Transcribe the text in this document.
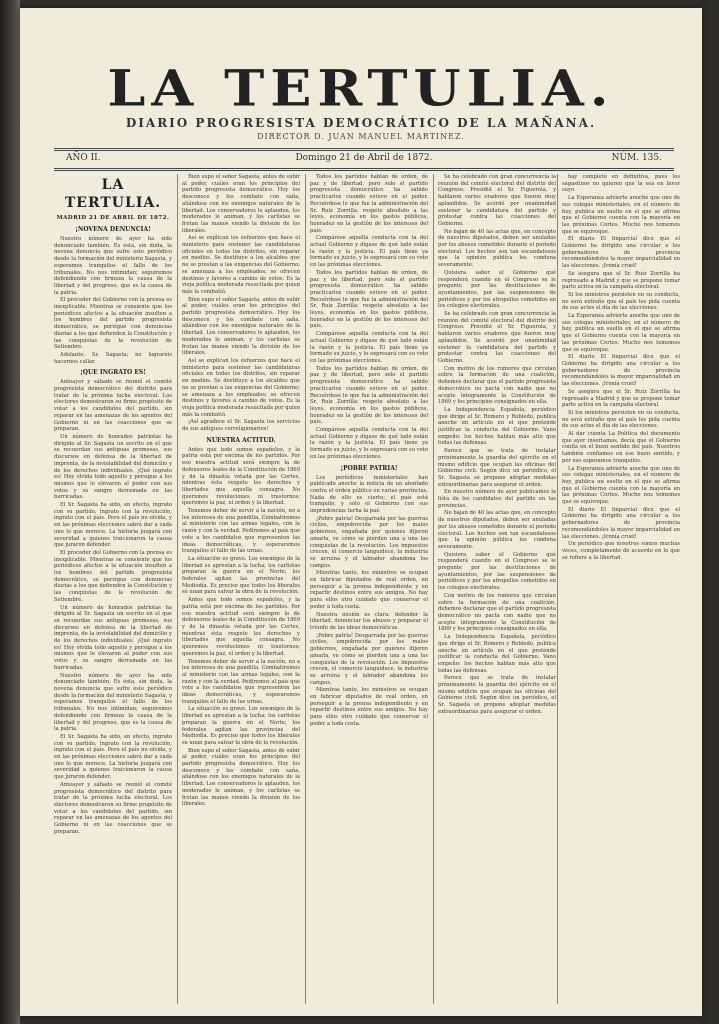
LA TERTULIA.
DIARIO PROGRESISTA DEMOCRÁTICO DE LA MAÑANA.
DIRECTOR D. JUAN MANUEL MARTINEZ.
AÑO II.	Domingo 21 de Abril de 1872.	NÚM. 135.
LA TERTULIA.
MADRID 21 DE ABRIL DE 1872.
¡NOVENA DENUNCIA!

Nuestro número de ayer ha sido denunciado también. Es ésta, sin duda, la novena denuncia que sufre este periódico desde la formación del ministerio Sagasta, y esperamos tranquilos el fallo de los tribunales. No nos intimidan; seguiremos defendiendo con firmeza la causa de la libertad y del progreso, que es la causa de la patria.

El proceder del Gobierno con la prensa es inexplicable. Mientras se consiente que los periódicos afectos a la situación insulten a los hombres del partido progresista democrático, se persigue con denuncias diarias a los que defienden la Constitución y las conquistas de la revolución de Setiembre.

Adelante, Sr. Sagasta; no lograréis hacernos callar.

¡QUE INGRATO ES!

Anteayer y sábado se reunió el comité progresista democrático del distrito para tratar de la próxima lucha electoral. Los electores demostraron su firme propósito de votar a los candidatos del partido, sin reparar en las amenazas de los agentes del Gobierno ni en las coacciones que se preparan.

Un número de honrados patriotas ha dirigido al Sr. Sagasta un escrito en el que se recuerdan sus antiguas promesas, sus discursos en defensa de la libertad de imprenta, de la inviolabilidad del domicilio y de los derechos individuales. ¡Qué ingrato es! Hoy olvida todo aquello y persigue a los mismos que le elevaron al poder con sus votos y su sangre derramada en las barricadas.

El Sr. Sagasta ha sido, en efecto, ingrato con su partido, ingrato con la revolución, ingrato con el país. Pero el país no olvida, y en las próximas elecciones sabrá dar a cada uno lo que merece. La historia juzgará con severidad a quienes traicionaron la causa que juraron defender.

El proceder del Gobierno con la prensa es inexplicable. Mientras se consiente que los periódicos afectos a la situación insulten a los hombres del partido progresista democrático, se persigue con denuncias diarias a los que defienden la Constitución y las conquistas de la revolución de Setiembre.

Un número de honrados patriotas ha dirigido al Sr. Sagasta un escrito en el que se recuerdan sus antiguas promesas, sus discursos en defensa de la libertad de imprenta, de la inviolabilidad del domicilio y de los derechos individuales. ¡Qué ingrato es! Hoy olvida todo aquello y persigue a los mismos que le elevaron al poder con sus votos y su sangre derramada en las barricadas.

Nuestro número de ayer ha sido denunciado también. Es ésta, sin duda, la novena denuncia que sufre este periódico desde la formación del ministerio Sagasta, y esperamos tranquilos el fallo de los tribunales. No nos intimidan; seguiremos defendiendo con firmeza la causa de la libertad y del progreso, que es la causa de la patria.

El Sr. Sagasta ha sido, en efecto, ingrato con su partido, ingrato con la revolución, ingrato con el país. Pero el país no olvida, y en las próximas elecciones sabrá dar a cada uno lo que merece. La historia juzgará con severidad a quienes traicionaron la causa que juraron defender.

Anteayer y sábado se reunió el comité progresista democrático del distrito para tratar de la próxima lucha electoral. Los electores demostraron su firme propósito de votar a los candidatos del partido, sin reparar en las amenazas de los agentes del Gobierno ni en las coacciones que se preparan.

Bien supo el señor Sagasta, antes de subir al poder, cuáles eran los principios del partido progresista democrático. Hoy los desconoce y los combate con saña, aliándose con los enemigos naturales de la libertad. Los conservadores le aplauden, los moderados le animan, y los carlistas se frotan las manos viendo la división de los liberales.

Así se explican los esfuerzos que hace el ministerio para sostener las candidaturas oficiales en todos los distritos, sin reparar en medios. Se destituye a los alcaldes que no se prestan a las exigencias del Gobierno; se amenaza a los empleados; se ofrecen destinos y favores a cambio de votos. Es la vieja política moderada resucitada por quien más la combatió.

Bien supo el señor Sagasta, antes de subir al poder, cuáles eran los principios del partido progresista democrático. Hoy los desconoce y los combate con saña, aliándose con los enemigos naturales de la libertad. Los conservadores le aplauden, los moderados le animan, y los carlistas se frotan las manos viendo la división de los liberales.

Así se explican los esfuerzos que hace el ministerio para sostener las candidaturas oficiales en todos los distritos, sin reparar en medios. Se destituye a los alcaldes que no se prestan a las exigencias del Gobierno; se amenaza a los empleados; se ofrecen destinos y favores a cambio de votos. Es la vieja política moderada resucitada por quien más la combatió.

¡Así agradece el Sr. Sagasta los servicios de sus antiguos correligionarios!

NUESTRA ACTITUD.

Antes que todo somos españoles, y la patria está por encima de los partidos. Por eso nuestra actitud será siempre la de defensores leales de la Constitución de 1869 y de la dinastía votada por las Cortes, mientras ésta respete los derechos y libertades que aquella consagra. No queremos revoluciones ni trastornos; queremos la paz, el orden y la libertad.

Tenemos deber de servir a la nación, no a los intereses de una pandilla. Combatiremos al ministerio con las armas legales, con la razón y con la verdad. Pediremos al país que vote a los candidatos que representen las ideas democráticas, y esperaremos tranquilos el fallo de las urnas.

La situación es grave. Los enemigos de la libertad se aprestan a la lucha; los carlistas preparan la guerra en el Norte; los federales agitan las provincias del Mediodía. Es preciso que todos los liberales se unan para salvar la obra de la revolución.

Antes que todo somos españoles, y la patria está por encima de los partidos. Por eso nuestra actitud será siempre la de defensores leales de la Constitución de 1869 y de la dinastía votada por las Cortes, mientras ésta respete los derechos y libertades que aquella consagra. No queremos revoluciones ni trastornos; queremos la paz, el orden y la libertad.

Tenemos deber de servir a la nación, no a los intereses de una pandilla. Combatiremos al ministerio con las armas legales, con la razón y con la verdad. Pediremos al país que vote a los candidatos que representen las ideas democráticas, y esperaremos tranquilos el fallo de las urnas.

La situación es grave. Los enemigos de la libertad se aprestan a la lucha; los carlistas preparan la guerra en el Norte; los federales agitan las provincias del Mediodía. Es preciso que todos los liberales se unan para salvar la obra de la revolución.

Bien supo el señor Sagasta, antes de subir al poder, cuáles eran los principios del partido progresista democrático. Hoy los desconoce y los combate con saña, aliándose con los enemigos naturales de la libertad. Los conservadores le aplauden, los moderados le animan, y los carlistas se frotan las manos viendo la división de los liberales.

Todos los partidos hablan de orden, de paz y de libertad, pero solo el partido progresista democrático ha sabido practicarlos cuando estuvo en el poder. Recuérdese lo que fue la administración del Sr. Ruiz Zorrilla: respeto absoluto a las leyes, economía en los gastos públicos, honradez en la gestión de los intereses del país.

Compárese aquella conducta con la del actual Gobierno y dígase de qué lado están la razón y la justicia. El país tiene ya formado su juicio, y lo expresará con su voto en las próximas elecciones.

Todos los partidos hablan de orden, de paz y de libertad, pero solo el partido progresista democrático ha sabido practicarlos cuando estuvo en el poder. Recuérdese lo que fue la administración del Sr. Ruiz Zorrilla: respeto absoluto a las leyes, economía en los gastos públicos, honradez en la gestión de los intereses del país.

Compárese aquella conducta con la del actual Gobierno y dígase de qué lado están la razón y la justicia. El país tiene ya formado su juicio, y lo expresará con su voto en las próximas elecciones.

Todos los partidos hablan de orden, de paz y de libertad, pero solo el partido progresista democrático ha sabido practicarlos cuando estuvo en el poder. Recuérdese lo que fue la administración del Sr. Ruiz Zorrilla: respeto absoluto a las leyes, economía en los gastos públicos, honradez en la gestión de los intereses del país.

Compárese aquella conducta con la del actual Gobierno y dígase de qué lado están la razón y la justicia. El país tiene ya formado su juicio, y lo expresará con su voto en las próximas elecciones.

¡POBRE PATRIA!

Los periódicos ministeriales han publicado anoche la noticia de un atentado contra el orden público en varias provincias. Nada de ello es cierto; el país está tranquilo, y solo el Gobierno con sus imprudencias turba la paz.

¡Pobre patria! Desgarrada por las guerras civiles, empobrecida por los malos gobiernos, engañada por quienes dijeron amarla, ve cómo se pierden una a una las conquistas de la revolución. Los impuestos crecen, el comercio languidece, la industria se arruina y el labrador abandona los campos.

Mientras tanto, los ministros se ocupan en fabricar diputados de real orden, en perseguir a la prensa independiente y en repartir destinos entre sus amigos. No hay para ellos otro cuidado que conservar el poder a toda costa.

Nuestra misión es clara: defender la libertad, denunciar los abusos y preparar el triunfo de las ideas democráticas.

¡Pobre patria! Desgarrada por las guerras civiles, empobrecida por los malos gobiernos, engañada por quienes dijeron amarla, ve cómo se pierden una a una las conquistas de la revolución. Los impuestos crecen, el comercio languidece, la industria se arruina y el labrador abandona los campos.

Mientras tanto, los ministros se ocupan en fabricar diputados de real orden, en perseguir a la prensa independiente y en repartir destinos entre sus amigos. No hay para ellos otro cuidado que conservar el poder a toda costa.

Se ha celebrado con gran concurrencia la reunión del comité electoral del distrito del Congreso. Presidió el Sr. Figuerola, y hablaron varios oradores que fueron muy aplaudidos. Se acordó por unanimidad sostener la candidatura del partido y protestar contra las coacciones del Gobierno.

No bajan de 40 las actas que, en concepto de nuestros diputados, deben ser anuladas por los abusos cometidos durante el período electoral. Los hechos son tan escandalosos que la opinión pública los condena severamente.

Quisiera saber el Gobierno qué responderá cuando en el Congreso se le pregunte por las destituciones de ayuntamientos, por las suspensiones de periódicos y por los atropellos cometidos en los colegios electorales.

Se ha celebrado con gran concurrencia la reunión del comité electoral del distrito del Congreso. Presidió el Sr. Figuerola, y hablaron varios oradores que fueron muy aplaudidos. Se acordó por unanimidad sostener la candidatura del partido y protestar contra las coacciones del Gobierno.

Con motivo de los rumores que circulan sobre la formación de una coalición, debemos declarar que el partido progresista democrático no pacta con nadie que no acepte íntegramente la Constitución de 1869 y los principios consignados en ella.

La Independencia Española, periódico que dirige el Sr. Romero y Robledo, publica anoche un artículo en el que pretende justificar la conducta del Gobierno. Vano empeño: los hechos hablan más alto que todas las defensas.

Parece que se trata de instalar próximamente la guardia del ejército en el mismo edificio que ocupan las oficinas del Gobierno civil. Según dice un periódico, el Sr. Sagasta se propone adoptar medidas extraordinarias para asegurar el orden.

En nuestro número de ayer publicamos la lista de los candidatos del partido en las provincias.

No bajan de 40 las actas que, en concepto de nuestros diputados, deben ser anuladas por los abusos cometidos durante el período electoral. Los hechos son tan escandalosos que la opinión pública los condena severamente.

Quisiera saber el Gobierno qué responderá cuando en el Congreso se le pregunte por las destituciones de ayuntamientos, por las suspensiones de periódicos y por los atropellos cometidos en los colegios electorales.

Con motivo de los rumores que circulan sobre la formación de una coalición, debemos declarar que el partido progresista democrático no pacta con nadie que no acepte íntegramente la Constitución de 1869 y los principios consignados en ella.

La Independencia Española, periódico que dirige el Sr. Romero y Robledo, publica anoche un artículo en el que pretende justificar la conducta del Gobierno. Vano empeño: los hechos hablan más alto que todas las defensas.

Parece que se trata de instalar próximamente la guardia del ejército en el mismo edificio que ocupan las oficinas del Gobierno civil. Según dice un periódico, el Sr. Sagasta se propone adoptar medidas extraordinarias para asegurar el orden.

hay completo en definitiva, pues los sagastinos no quieren que la sea en favor suyo.

La Esperanza advierte anoche que uno de sus colegas ministeriales, en el número de hoy, publica un suelto en el que se afirma que el Gobierno cuenta con la mayoría en las próximas Cortes. Mucho nos tememos que se equivoque.

El diario El Imparcial dice que el Gobierno ha dirigido una circular a los gobernadores de provincia recomendándoles la mayor imparcialidad en las elecciones. ¡Ironía cruel!

Se asegura que el Sr. Ruiz Zorrilla ha regresado a Madrid y que se propone tomar parte activa en la campaña electoral.

Si los ministros persisten en su conducta, no será extraño que el país les pida cuenta de sus actos el día de las elecciones.

La Esperanza advierte anoche que uno de sus colegas ministeriales, en el número de hoy, publica un suelto en el que se afirma que el Gobierno cuenta con la mayoría en las próximas Cortes. Mucho nos tememos que se equivoque.

El diario El Imparcial dice que el Gobierno ha dirigido una circular a los gobernadores de provincia recomendándoles la mayor imparcialidad en las elecciones. ¡Ironía cruel!

Se asegura que el Sr. Ruiz Zorrilla ha regresado a Madrid y que se propone tomar parte activa en la campaña electoral.

Si los ministros persisten en su conducta, no será extraño que el país les pida cuenta de sus actos el día de las elecciones.

Al dar cuenta La Política del documento que ayer insertamos, decía que el Gobierno confía en el buen sentido del país. Nosotros también confiamos en ese buen sentido, y por eso esperamos tranquilos.

La Esperanza advierte anoche que uno de sus colegas ministeriales, en el número de hoy, publica un suelto en el que se afirma que el Gobierno cuenta con la mayoría en las próximas Cortes. Mucho nos tememos que se equivoque.

El diario El Imparcial dice que el Gobierno ha dirigido una circular a los gobernadores de provincia recomendándoles la mayor imparcialidad en las elecciones. ¡Ironía cruel!

Un periódico que nosotros somos muchas veces, completamente de acuerdo en lo que se refiere a la libertad.
